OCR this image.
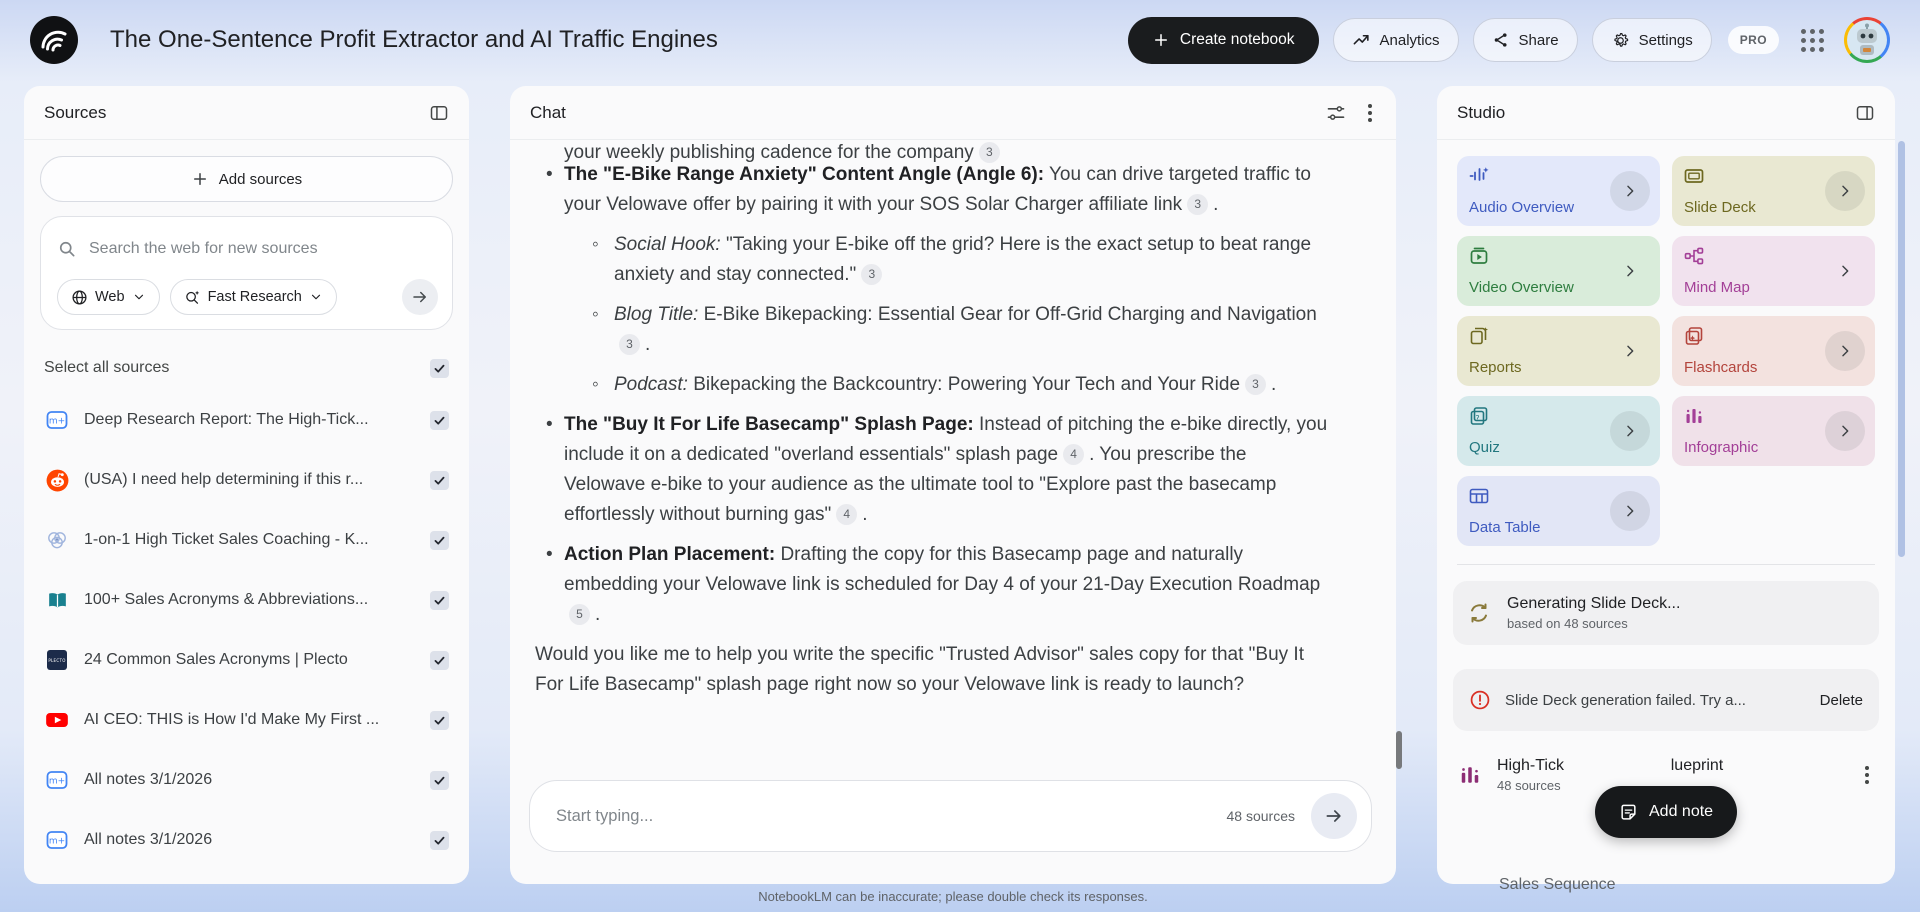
The One-Sentence Profit Extractor and AI Traffic Engines	Create notebook	Analytics	Share	Settings	PRO
Sources
Add sources
Search the web for new sources
Web	Fast Research
Select all sources
m+ Deep Research Report: The High-Tick...
(USA) I need help determining if this r...
1-on-1 High Ticket Sales Coaching - K...
100+ Sales Acronyms & Abbreviations...
PLECTO 24 Common Sales Acronyms | Plecto
AI CEO: THIS is How I'd Make My First ...
m+ All notes 3/1/2026
m+ All notes 3/1/2026
Chat
your weekly publishing cadence for the company 3
• The "E-Bike Range Anxiety" Content Angle (Angle 6): You can drive targeted traffic to your Velowave offer by pairing it with your SOS Solar Charger affiliate link 3 .
◦ Social Hook: "Taking your E-bike off the grid? Here is the exact setup to beat range anxiety and stay connected." 3
◦ Blog Title: E-Bike Bikepacking: Essential Gear for Off-Grid Charging and Navigation3 .
◦ Podcast: Bikepacking the Backcountry: Powering Your Tech and Your Ride 3 .
• The "Buy It For Life Basecamp" Splash Page: Instead of pitching the e-bike directly, you include it on a dedicated "overland essentials" splash page 4 . You prescribe the Velowave e-bike to your audience as the ultimate tool to "Explore past the basecamp effortlessly without burning gas" 4 .
• Action Plan Placement: Drafting the copy for this Basecamp page and naturally embedding your Velowave link is scheduled for Day 4 of your 21-Day Execution Roadmap5 .
Would you like me to help you write the specific "Trusted Advisor" sales copy for that "Buy It For Life Basecamp" splash page right now so your Velowave link is ready to launch?
Start typing...
48 sources
Studio
Audio Overview	Slide Deck
Video Overview	Mind Map
Reports	Flashcards
?
Quiz	Infographic
Data Table
Generating Slide Deck...
based on 48 sources
Slide Deck generation failed. Try a...	Delete
High-Tick	lueprint
48 sources
Sales Sequence
Add note
NotebookLM can be inaccurate; please double check its responses.
